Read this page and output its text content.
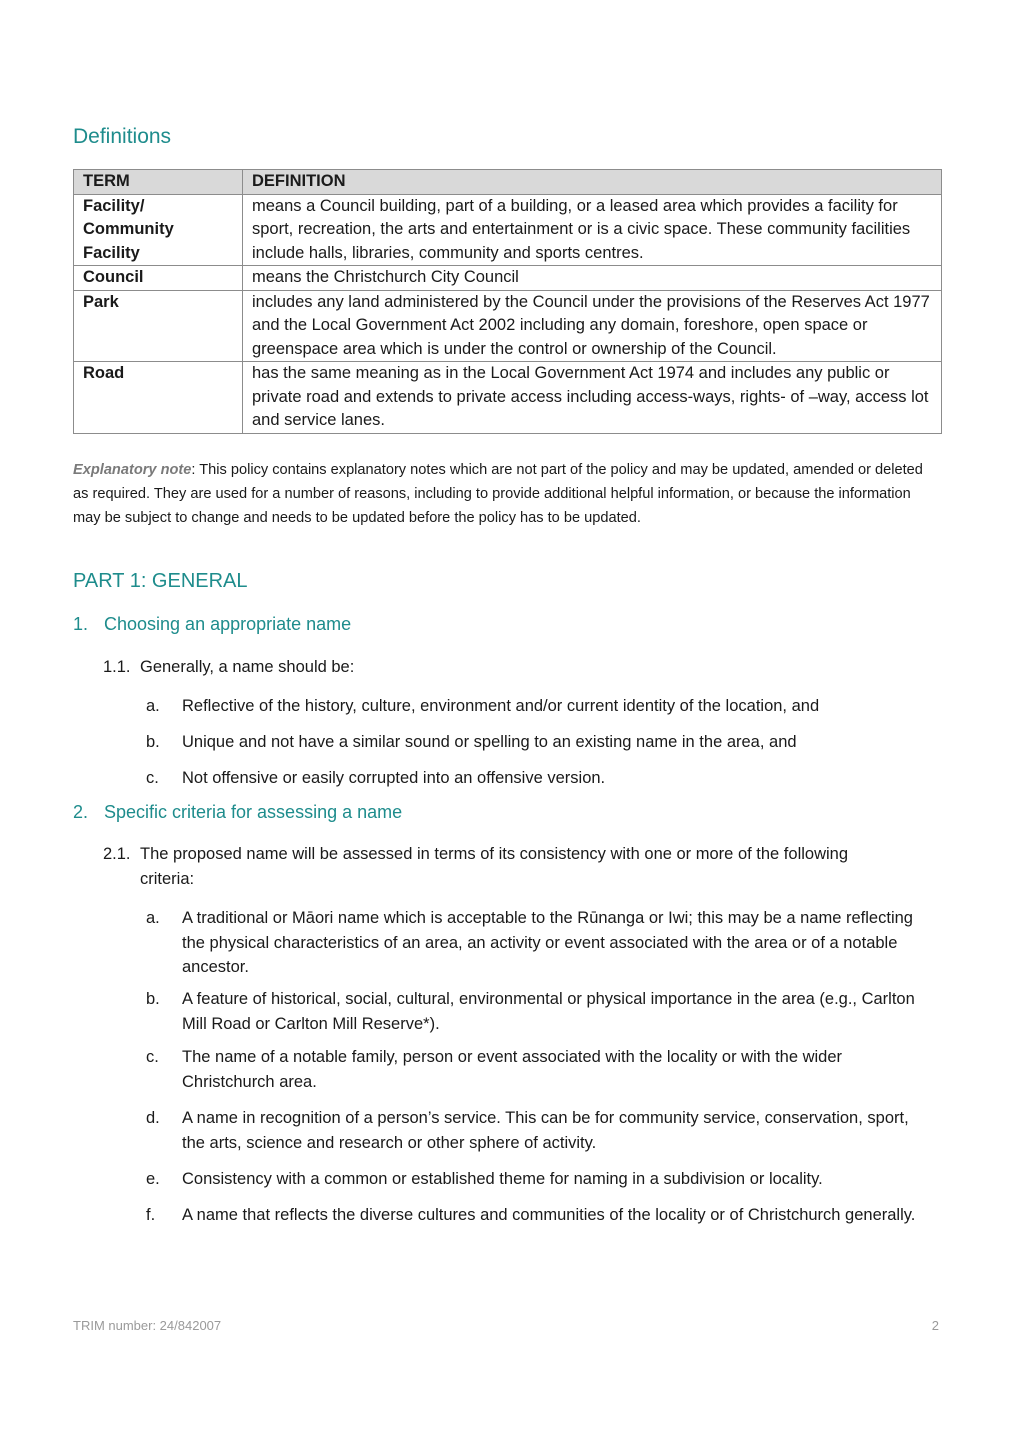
Definitions
TERM	DEFINITION
Facility/ Community Facility	means a Council building, part of a building, or a leased area which provides a facility for sport, recreation, the arts and entertainment or is a civic space. These community facilities include halls, libraries, community and sports centres.
Council	means the Christchurch City Council
Park	includes any land administered by the Council under the provisions of the Reserves Act 1977 and the Local Government Act 2002 including any domain, foreshore, open space or greenspace area which is under the control or ownership of the Council.
Road	has the same meaning as in the Local Government Act 1974 and includes any public or private road and extends to private access including access-ways, rights- of –way, access lot and service lanes.

Explanatory note: This policy contains explanatory notes which are not part of the policy and may be updated, amended or deleted as required. They are used for a number of reasons, including to provide additional helpful information, or because the information may be subject to change and needs to be updated before the policy has to be updated.

PART 1: GENERAL
1. Choosing an appropriate name
1.1. Generally, a name should be:
a. Reflective of the history, culture, environment and/or current identity of the location, and
b. Unique and not have a similar sound or spelling to an existing name in the area, and
c. Not offensive or easily corrupted into an offensive version.
2. Specific criteria for assessing a name
2.1. The proposed name will be assessed in terms of its consistency with one or more of the following criteria:
a. A traditional or Māori name which is acceptable to the Rūnanga or Iwi; this may be a name reflecting the physical characteristics of an area, an activity or event associated with the area or of a notable ancestor.
b. A feature of historical, social, cultural, environmental or physical importance in the area (e.g., Carlton Mill Road or Carlton Mill Reserve*).
c. The name of a notable family, person or event associated with the locality or with the wider Christchurch area.
d. A name in recognition of a person’s service. This can be for community service, conservation, sport, the arts, science and research or other sphere of activity.
e. Consistency with a common or established theme for naming in a subdivision or locality.
f. A name that reflects the diverse cultures and communities of the locality or of Christchurch generally.
TRIM number: 24/842007	2
